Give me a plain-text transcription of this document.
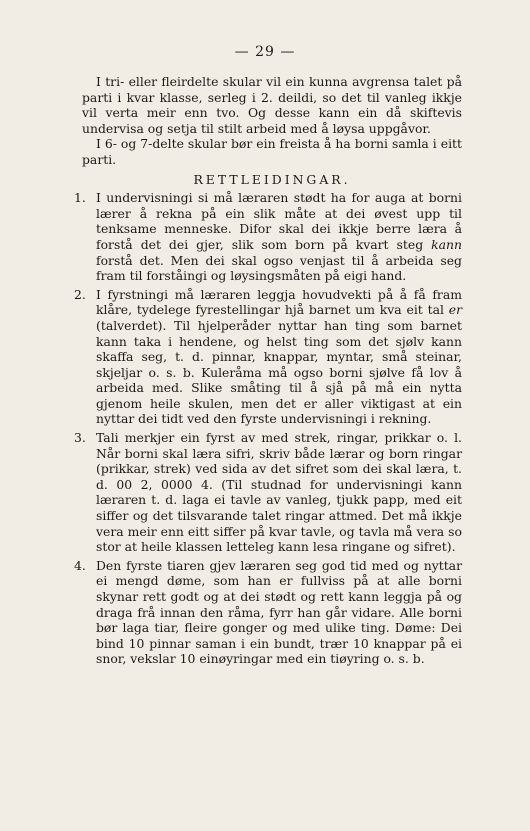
— 29 —

I tri- eller fleirdelte skular vil ein kunna avgrensa talet på parti i kvar klasse, serleg i 2. deildi, so det til vanleg ikkje vil verta meir enn tvo. Og desse kann ein då skiftevis undervisa og setja til stilt arbeid med å løysa uppgåvor.

I 6- og 7-delte skular bør ein freista å ha borni samla i eitt parti.

RETTLEIDINGAR.

1. I undervisningi si må læraren stødt ha for auga at borni lærer å rekna på ein slik måte at dei øvest upp til tenksame menneske. Difor skal dei ikkje berre læra å forstå det dei gjer, slik som born på kvart steg kann forstå det. Men dei skal ogso venjast til å arbeida seg fram til forståingi og løysingsmåten på eigi hand.
2. I fyrstningi må læraren leggja hovudvekti på å få fram klåre, tydelege fyrestellingar hjå barnet um kva eit tal er (talverdet). Til hjelperåder nyttar han ting som barnet kann taka i hendene, og helst ting som det sjølv kann skaffa seg, t. d. pinnar, knappar, myntar, små steinar, skjeljar o. s. b. Kuleråma må ogso borni sjølve få lov å arbeida med. Slike småting til å sjå på må ein nytta gjenom heile skulen, men det er aller viktigast at ein nyttar dei tidt ved den fyrste undervisningi i rekning.
3. Tali merkjer ein fyrst av med strek, ringar, prikkar o. l. Når borni skal læra sifri, skriv både lærar og born ringar (prikkar, strek) ved sida av det sifret som dei skal læra, t. d. 00 2, 0000 4. (Til studnad for undervisningi kann læraren t. d. laga ei tavle av vanleg, tjukk papp, med eit siffer og det tilsvarande talet ringar attmed. Det må ikkje vera meir enn eitt siffer på kvar tavle, og tavla må vera so stor at heile klassen letteleg kann lesa ringane og sifret).
4. Den fyrste tiaren gjev læraren seg god tid med og nyttar ei mengd døme, som han er fullviss på at alle borni skynar rett godt og at dei stødt og rett kann leggja på og draga frå innan den råma, fyrr han går vidare. Alle borni bør laga tiar, fleire gonger og med ulike ting. Døme: Dei bind 10 pinnar saman i ein bundt, trær 10 knappar på ei snor, vekslar 10 einøyringar med ein tiøyring o. s. b.
